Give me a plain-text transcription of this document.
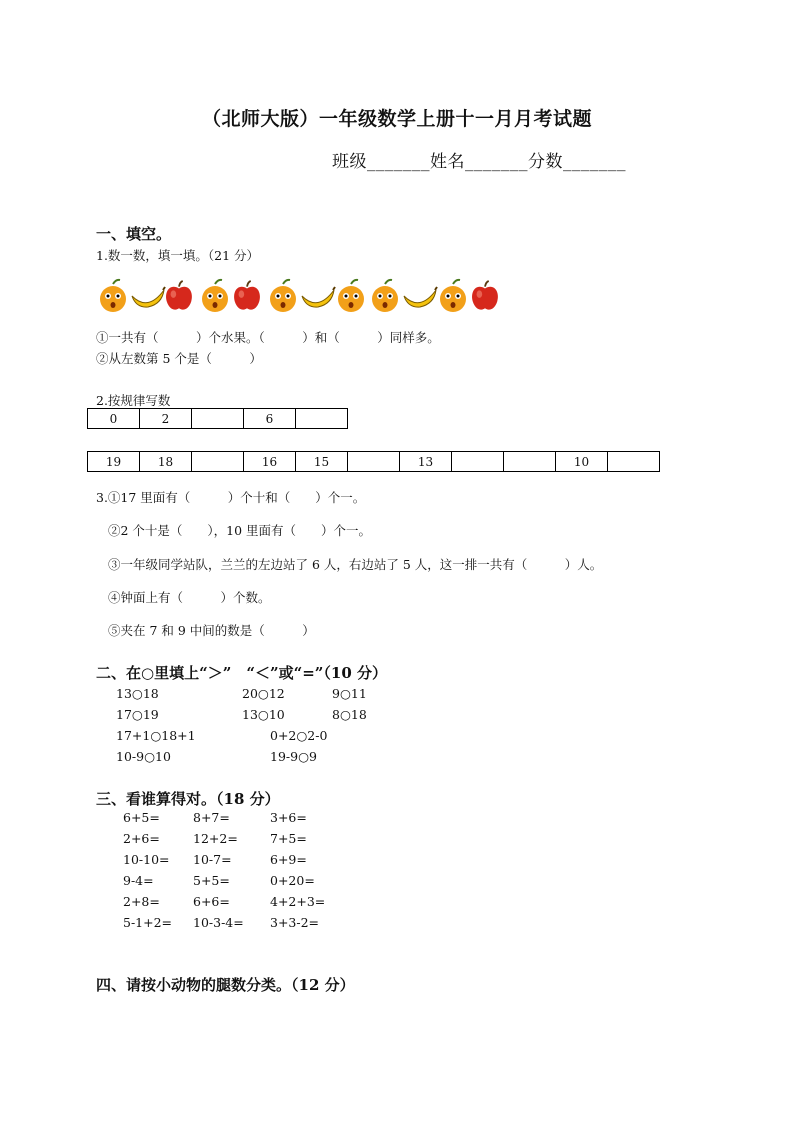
（北师大版）一年级数学上册十一月月考试题
班级_______姓名_______分数_______
一、填空。
1.数一数，填一填。（21 分）
①一共有（　　　）个水果。（　　　）和（　　　）同样多。
②从左数第 5 个是（　　　）
2.按规律写数
0	2		6	
19	18		16	15		13			10	
3.①17 里面有（　　　）个十和（　　）个一。
②2 个十是（　　），10 里面有（　　）个一。
③一年级同学站队，兰兰的左边站了 6 人，右边站了 5 人，这一排一共有（　　　）人。
④钟面上有（　　　）个数。
⑤夹在 7 和 9 中间的数是（　　　）
二、在○里填上“＞”　“＜”或“=”（10 分）
13○18	20○12	9○11
17○19	13○10	8○18
17+1○18+1	0+2○2-0
10-9○10	19-9○9
三、看谁算得对。（18 分）
6+5=	8+7=	3+6=
2+6=	12+2=	7+5=
10-10= 10-7=	6+9=
9-4=	5+5=	0+20=
2+8=	6+6=	4+2+3=
5-1+2= 10-3-4= 3+3-2=
四、请按小动物的腿数分类。（12 分）
